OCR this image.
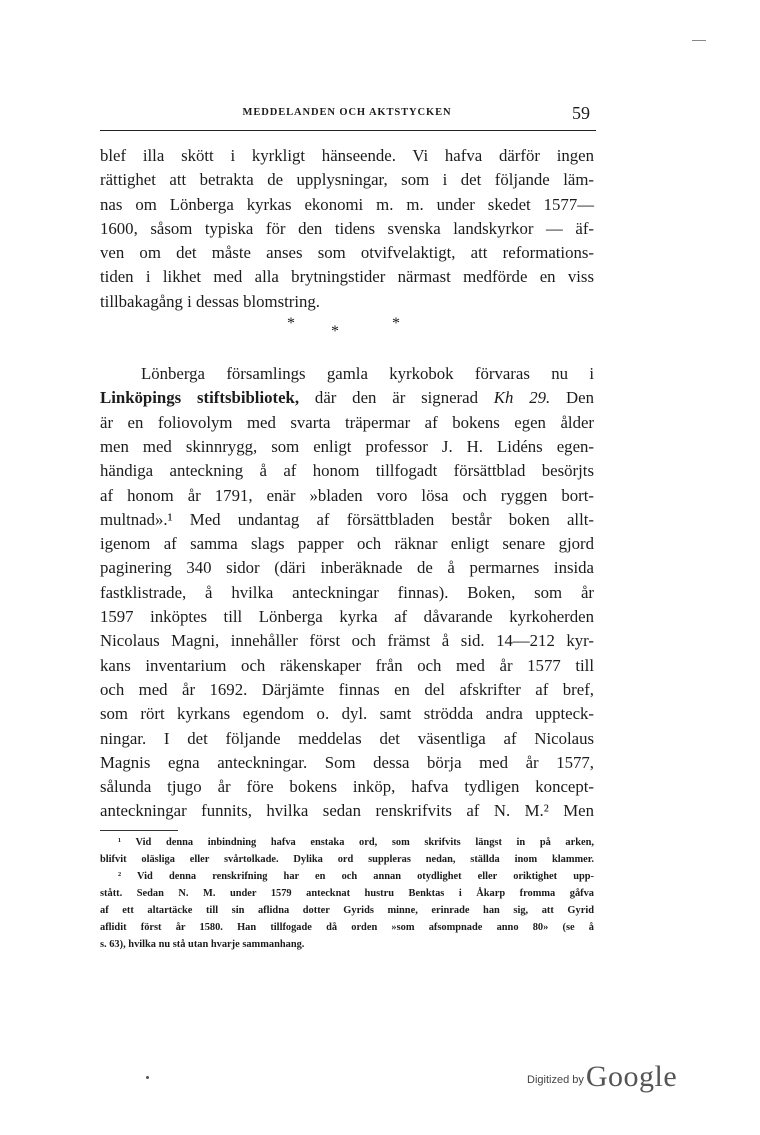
MEDDELANDEN OCH AKTSTYCKEN	59
blef illa skött i kyrkligt hänseende. Vi hafva därför ingen
rättighet att betrakta de upplysningar, som i det följande läm-
nas om Lönberga kyrkas ekonomi m. m. under skedet 1577—
1600, såsom typiska för den tidens svenska landskyrkor — äf-
ven om det måste anses som otvifvelaktigt, att reformations-
tiden i likhet med alla brytningstider närmast medförde en viss
tillbakagång i dessas blomstring.
* *	*
Lönberga församlings gamla kyrkobok förvaras nu i
Linköpings stiftsbibliotek, där den är signerad Kh 29. Den
är en foliovolym med svarta träpermar af bokens egen ålder
men med skinnrygg, som enligt professor J. H. Lidéns egen-
händiga anteckning å af honom tillfogadt försättblad besörjts
af honom år 1791, enär »bladen voro lösa och ryggen bort-
multnad».¹ Med undantag af försättbladen består boken allt-
igenom af samma slags papper och räknar enligt senare gjord
paginering 340 sidor (däri inberäknade de å permarnes insida
fastklistrade, å hvilka anteckningar finnas). Boken, som år
1597 inköptes till Lönberga kyrka af dåvarande kyrkoherden
Nicolaus Magni, innehåller först och främst å sid. 14—212 kyr-
kans inventarium och räkenskaper från och med år 1577 till
och med år 1692. Därjämte finnas en del afskrifter af bref,
som rört kyrkans egendom o. dyl. samt strödda andra uppteck-
ningar. I det följande meddelas det väsentliga af Nicolaus
Magnis egna anteckningar. Som dessa börja med år 1577,
sålunda tjugo år före bokens inköp, hafva tydligen koncept-
anteckningar funnits, hvilka sedan renskrifvits af N. M.² Men
¹ Vid denna inbindning hafva enstaka ord, som skrifvits längst in på arken,
blifvit oläsliga eller svårtolkade. Dylika ord suppleras nedan, ställda inom klammer.
² Vid denna renskrifning har en och annan otydlighet eller oriktighet upp-
stått. Sedan N. M. under 1579 antecknat hustru Benktas i Åkarp fromma gåfva
af ett altartäcke till sin aflidna dotter Gyrids minne, erinrade han sig, att Gyrid
aflidit först år 1580. Han tillfogade då orden »som afsompnade anno 80» (se å
s. 63), hvilka nu stå utan hvarje sammanhang.
Digitized by Google
